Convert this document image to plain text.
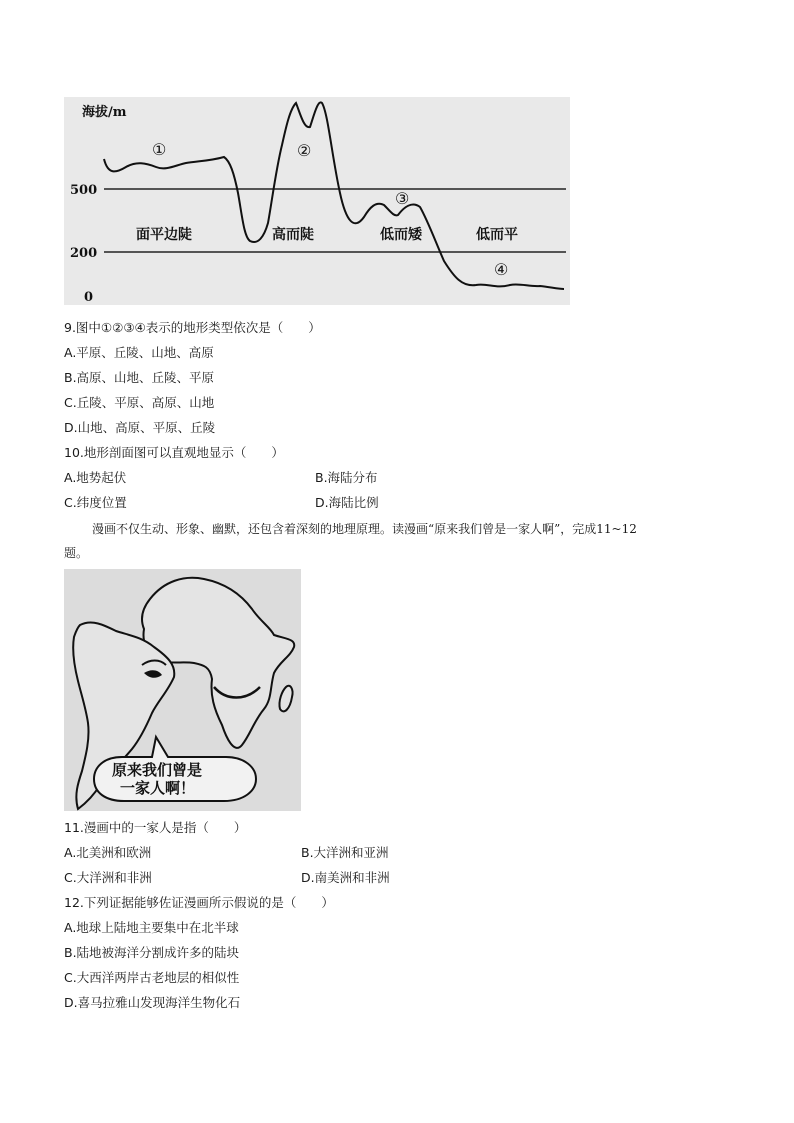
海拔/m
500
200
0
①	②
③
④
面平边陡	高而陡	低而矮	低而平
9.图中①②③④表示的地形类型依次是（　　）
A.平原、丘陵、山地、高原
B.高原、山地、丘陵、平原
C.丘陵、平原、高原、山地
D.山地、高原、平原、丘陵
10.地形剖面图可以直观地显示（　　）
A.地势起伏	B.海陆分布
C.纬度位置	D.海陆比例
漫画不仅生动、形象、幽默，还包含着深刻的地理原理。读漫画“原来我们曾是一家人啊”，完成11~12
题。
原来我们曾是
一家人啊！
11.漫画中的一家人是指（　　）
A.北美洲和欧洲	B.大洋洲和亚洲
C.大洋洲和非洲	D.南美洲和非洲
12.下列证据能够佐证漫画所示假说的是（　　）
A.地球上陆地主要集中在北半球
B.陆地被海洋分割成许多的陆块
C.大西洋两岸古老地层的相似性
D.喜马拉雅山发现海洋生物化石
